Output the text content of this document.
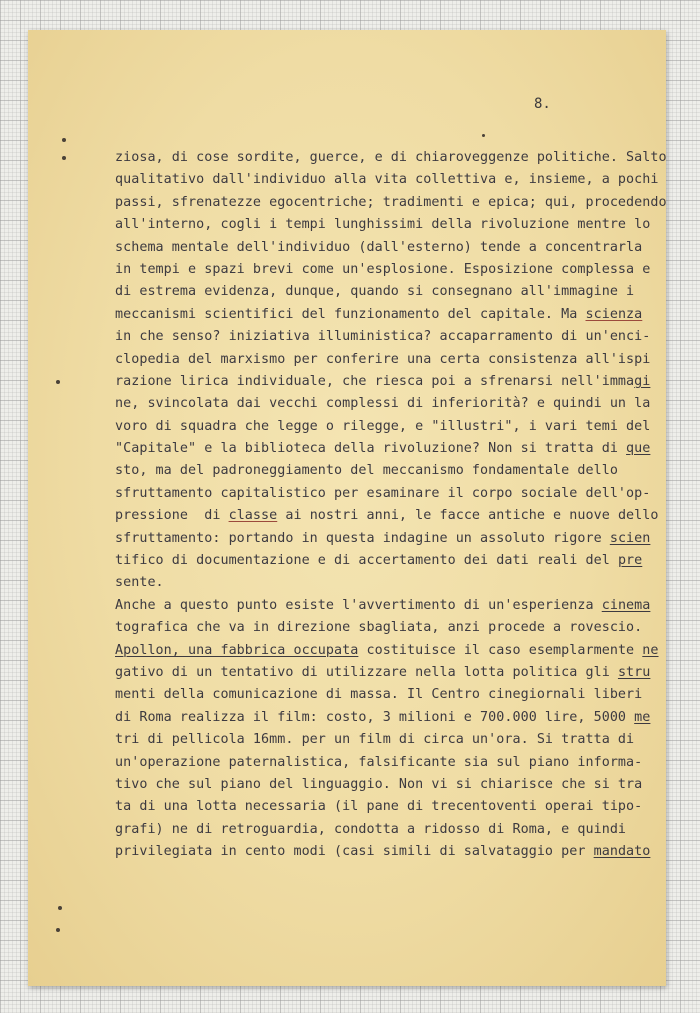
8.
ziosa, di cose sordite, guerce, e di chiaroveggenze politiche. Salto
qualitativo dall'individuo alla vita collettiva e, insieme, a pochi
passi, sfrenatezze egocentriche; tradimenti e epica; qui, procedendo
all'interno, cogli i tempi lunghissimi della rivoluzione mentre lo
schema mentale dell'individuo (dall'esterno) tende a concentrarla
in tempi e spazi brevi come un'esplosione. Esposizione complessa e
di estrema evidenza, dunque, quando si consegnano all'immagine i
meccanismi scientifici del funzionamento del capitale. Ma scienza
in che senso? iniziativa illuministica? accaparramento di un'enci-
clopedia del marxismo per conferire una certa consistenza all'ispi
razione lirica individuale, che riesca poi a sfrenarsi nell'immagi
ne, svincolata dai vecchi complessi di inferiorità? e quindi un la
voro di squadra che legge o rilegge, e "illustri", i vari temi del
"Capitale" e la biblioteca della rivoluzione? Non si tratta di que
sto, ma del padroneggiamento del meccanismo fondamentale dello
sfruttamento capitalistico per esaminare il corpo sociale dell'op-
pressione  di classe ai nostri anni, le facce antiche e nuove dello
sfruttamento: portando in questa indagine un assoluto rigore scien
tifico di documentazione e di accertamento dei dati reali del pre
sente.
Anche a questo punto esiste l'avvertimento di un'esperienza cinema
tografica che va in direzione sbagliata, anzi procede a rovescio.
Apollon, una fabbrica occupata costituisce il caso esemplarmente ne
gativo di un tentativo di utilizzare nella lotta politica gli stru
menti della comunicazione di massa. Il Centro cinegiornali liberi
di Roma realizza il film: costo, 3 milioni e 700.000 lire, 5000 me
tri di pellicola 16mm. per un film di circa un'ora. Si tratta di
un'operazione paternalistica, falsificante sia sul piano informa-
tivo che sul piano del linguaggio. Non vi si chiarisce che si tra
ta di una lotta necessaria (il pane di trecentoventi operai tipo-
grafi) ne di retroguardia, condotta a ridosso di Roma, e quindi
privilegiata in cento modi (casi simili di salvataggio per mandato
